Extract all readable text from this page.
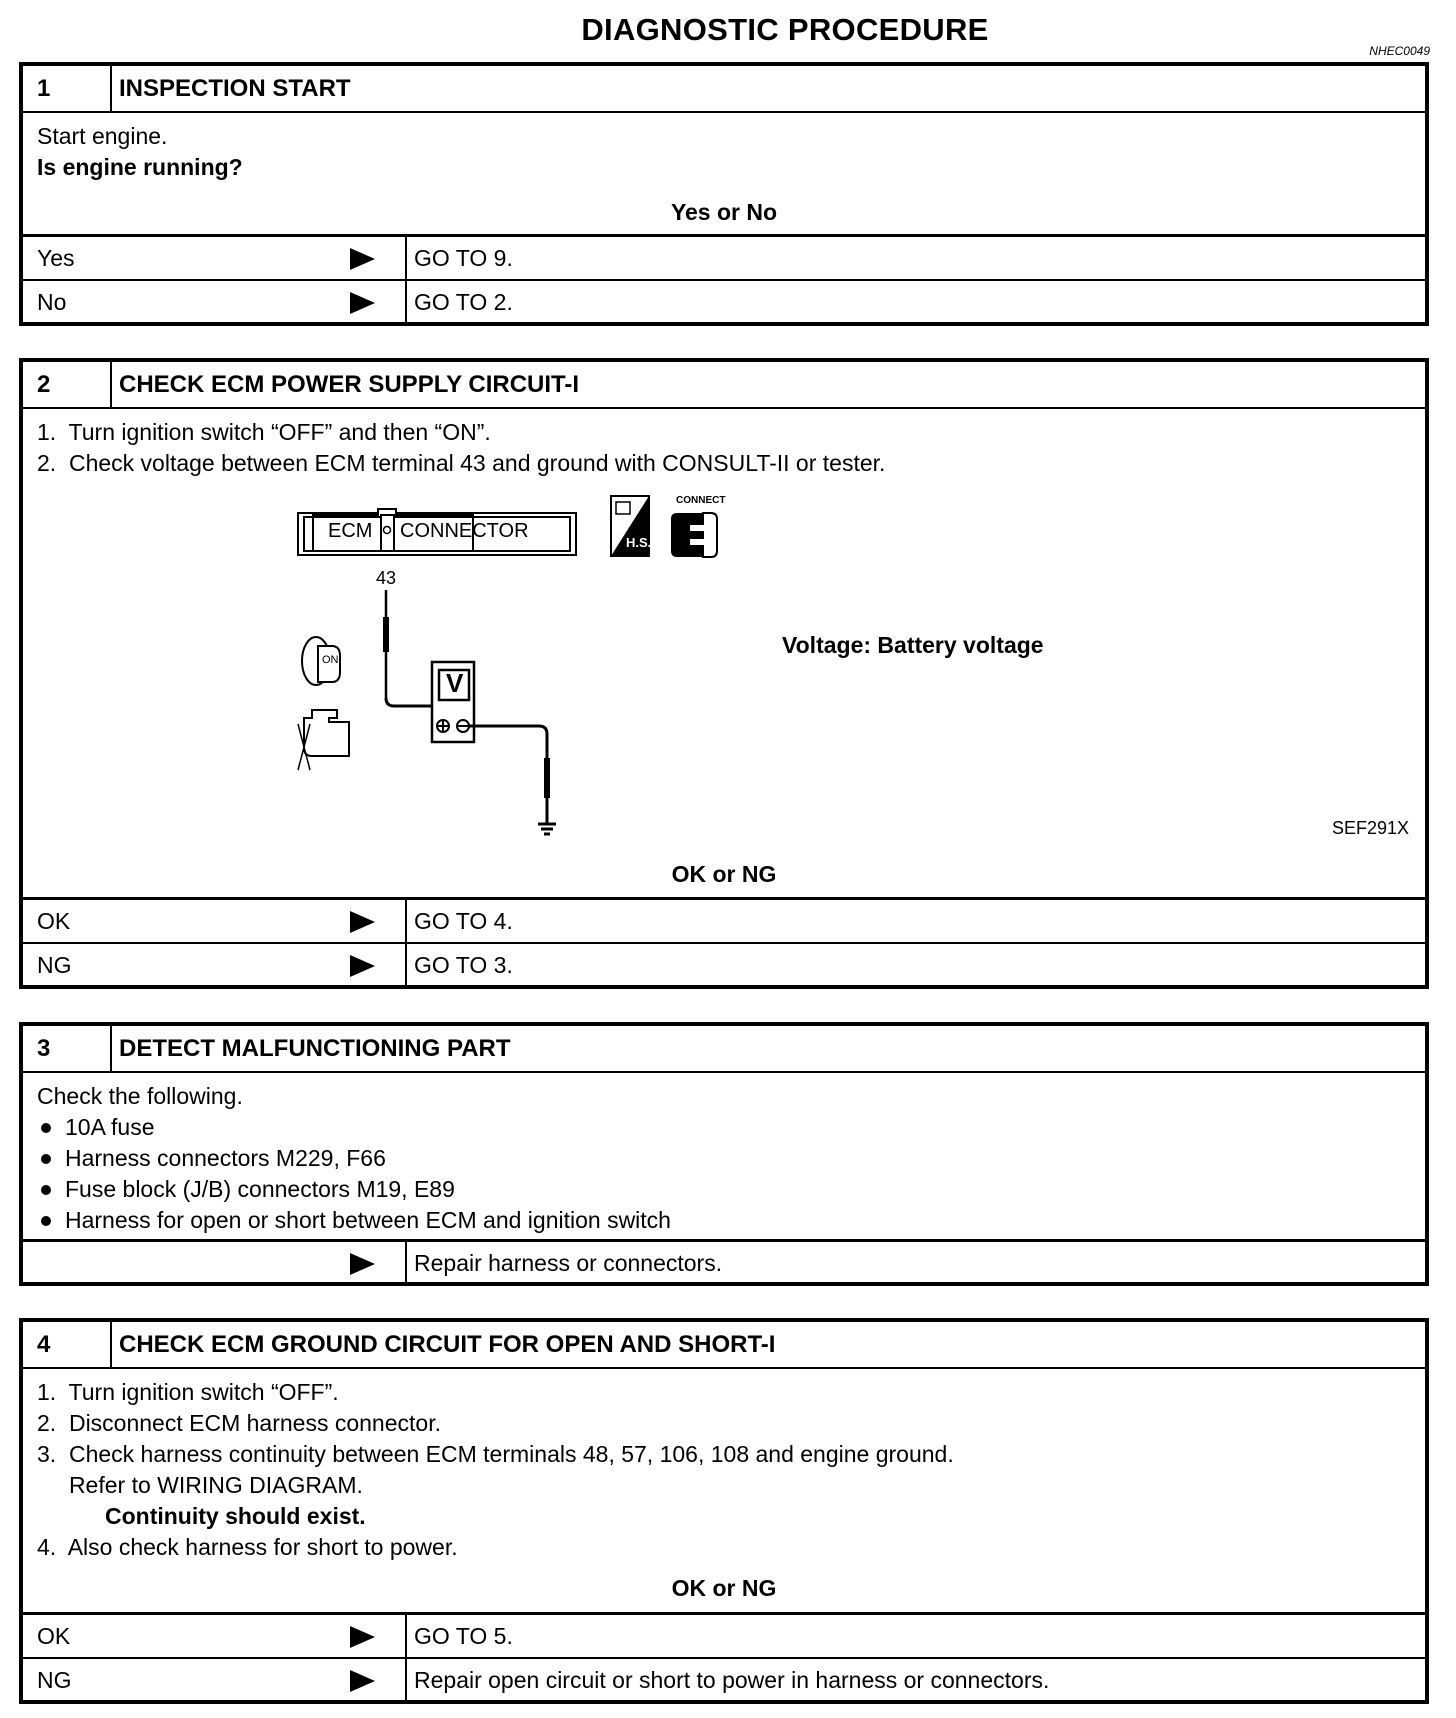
DIAGNOSTIC PROCEDURE
NHEC0049
1	INSPECTION START
Start engine.
Is engine running?
Yes or No
Yes	GO TO 9.
No	GO TO 2.
2	CHECK ECM POWER SUPPLY CIRCUIT-I
1.  Turn ignition switch “OFF” and then “ON”.
2.  Check voltage between ECM terminal 43 and ground with CONSULT-II or tester.
SEF291X
OK or NG
OK	GO TO 4.
NG	GO TO 3.
ECM CONNECTOR
H.S.
CONNECT
43
V
ON
Voltage: Battery voltage
3	DETECT MALFUNCTIONING PART
Check the following.
10A fuse
Harness connectors M229, F66
Fuse block (J/B) connectors M19, E89
Harness for open or short between ECM and ignition switch
Repair harness or connectors.
4	CHECK ECM GROUND CIRCUIT FOR OPEN AND SHORT-I
1.  Turn ignition switch “OFF”.
2.  Disconnect ECM harness connector.
3.  Check harness continuity between ECM terminals 48, 57, 106, 108 and engine ground.
Refer to WIRING DIAGRAM.
Continuity should exist.
4.  Also check harness for short to power.
OK or NG
OK	GO TO 5.
NG	Repair open circuit or short to power in harness or connectors.
